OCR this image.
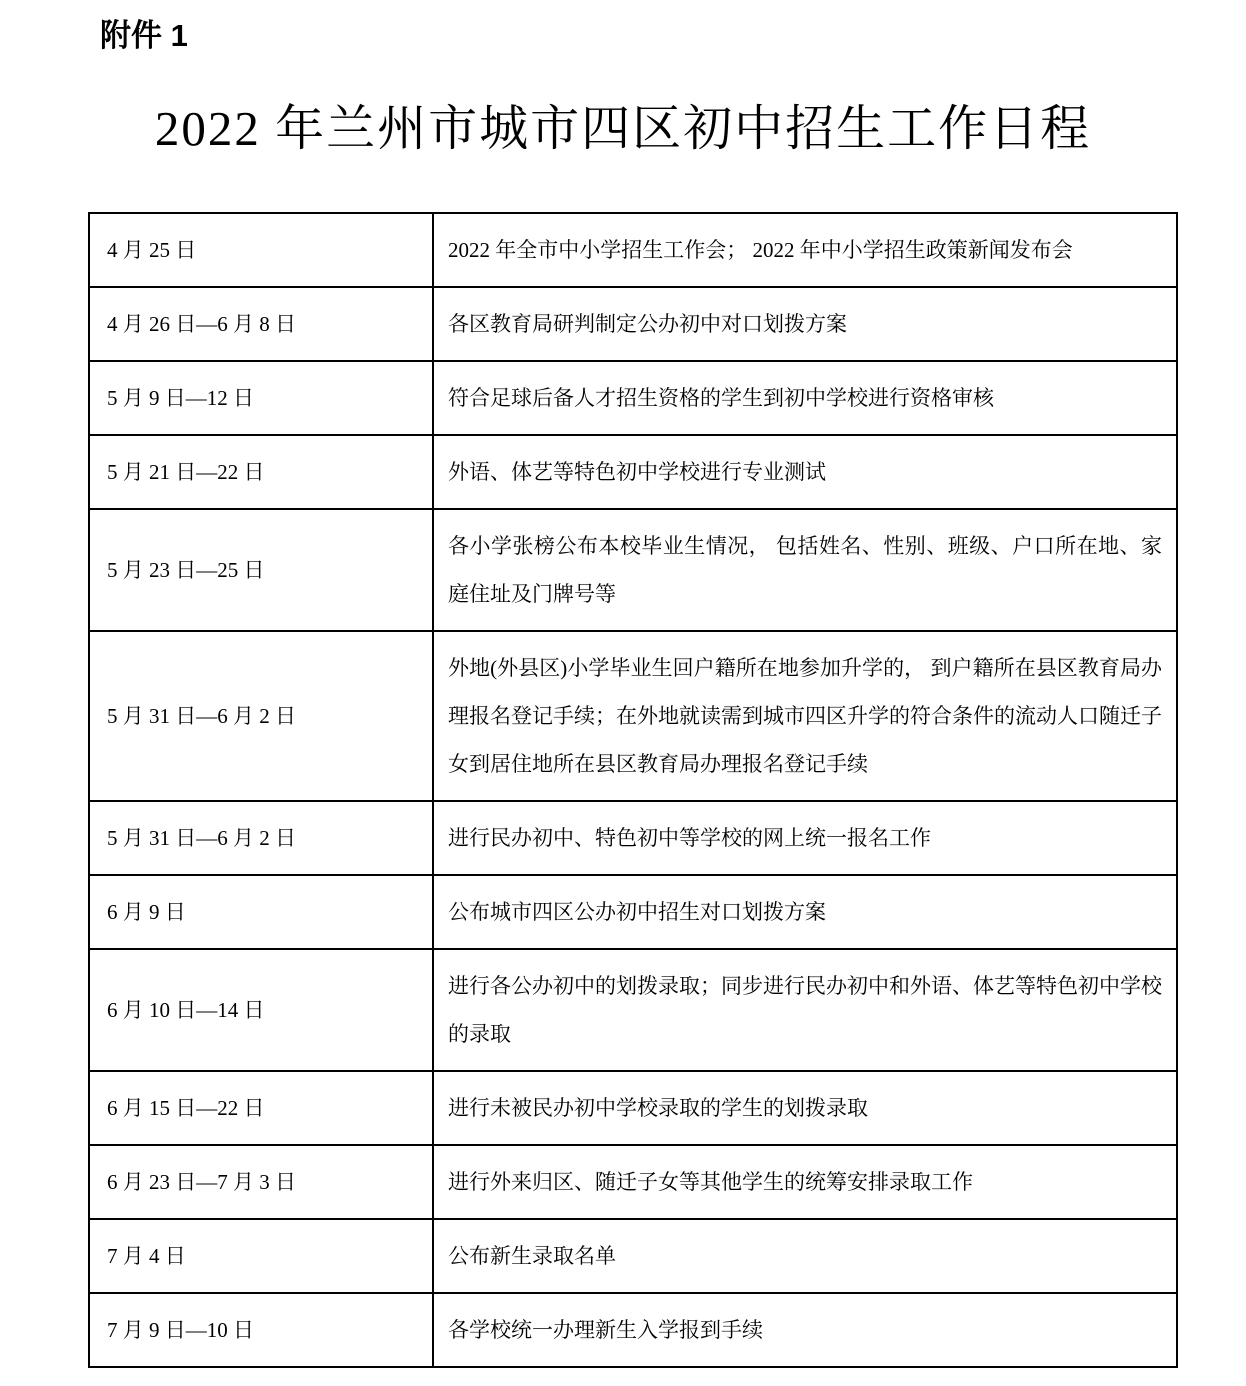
附件 1
2022 年兰州市城市四区初中招生工作日程
4 月 25 日	2022 年全市中小学招生工作会； 2022 年中小学招生政策新闻发布会
4 月 26 日—6 月 8 日	各区教育局研判制定公办初中对口划拨方案
5 月 9 日—12 日	符合足球后备人才招生资格的学生到初中学校进行资格审核
5 月 21 日—22 日	外语、体艺等特色初中学校进行专业测试
5 月 23 日—25 日	各小学张榜公布本校毕业生情况， 包括姓名、性别、班级、户口所在地、家庭住址及门牌号等
5 月 31 日—6 月 2 日	外地(外县区)小学毕业生回户籍所在地参加升学的， 到户籍所在县区教育局办理报名登记手续；在外地就读需到城市四区升学的符合条件的流动人口随迁子女到居住地所在县区教育局办理报名登记手续
5 月 31 日—6 月 2 日	进行民办初中、特色初中等学校的网上统一报名工作
6 月 9 日	公布城市四区公办初中招生对口划拨方案
6 月 10 日—14 日	进行各公办初中的划拨录取；同步进行民办初中和外语、体艺等特色初中学校的录取
6 月 15 日—22 日	进行未被民办初中学校录取的学生的划拨录取
6 月 23 日—7 月 3 日	进行外来归区、随迁子女等其他学生的统筹安排录取工作
7 月 4 日	公布新生录取名单
7 月 9 日—10 日	各学校统一办理新生入学报到手续
